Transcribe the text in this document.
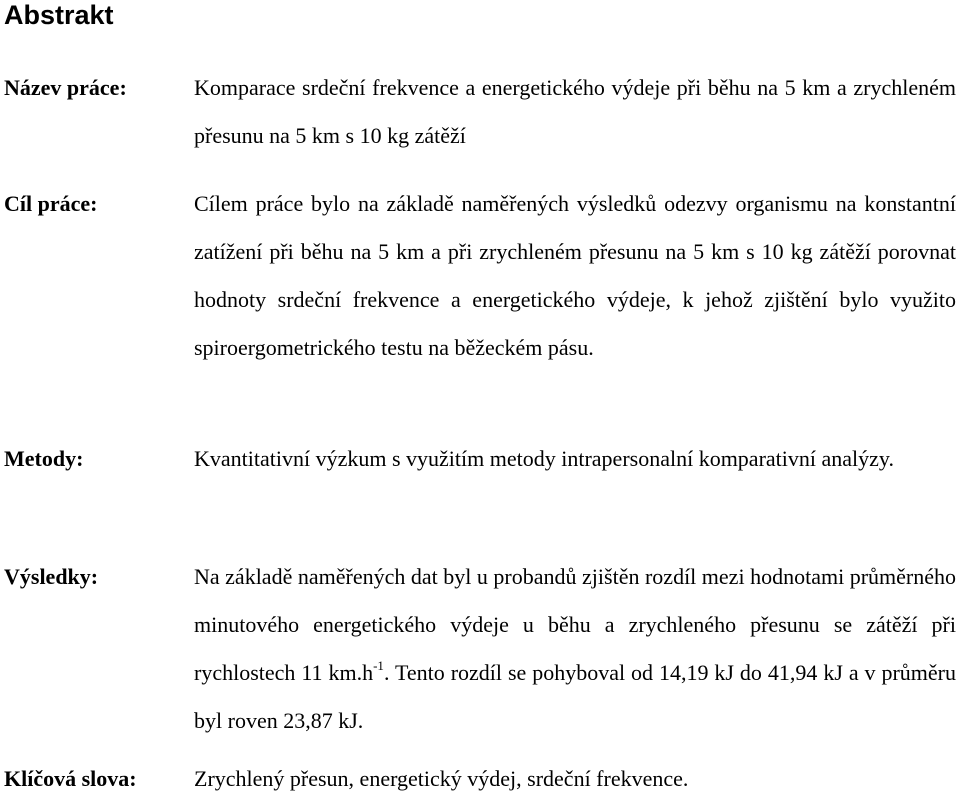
Abstrakt
Název práce:	Komparace srdeční frekvence a energetického výdeje při běhu na 5 km a zrychleném přesunu na 5 km s 10 kg zátěží
Cíl práce:	Cílem práce bylo na základě naměřených výsledků odezvy organismu na konstantní zatížení při běhu na 5 km a při zrychleném přesunu na 5 km s 10 kg zátěží porovnat hodnoty srdeční frekvence a energetického výdeje, k jehož zjištění bylo využito spiroergometrického testu na běžeckém pásu.
Metody:	Kvantitativní výzkum s využitím metody intrapersonalní komparativní analýzy.
Výsledky:	Na základě naměřených dat byl u probandů zjištěn rozdíl mezi hodnotami průměrného minutového energetického výdeje u běhu a zrychleného přesunu se zátěží při rychlostech 11 $km.h^{-1}$. Tento rozdíl se pohyboval od 14,19 kJ do 41,94 kJ a v průměru byl roven 23,87 kJ.
Klíčová slova:	Zrychlený přesun, energetický výdej, srdeční frekvence.
